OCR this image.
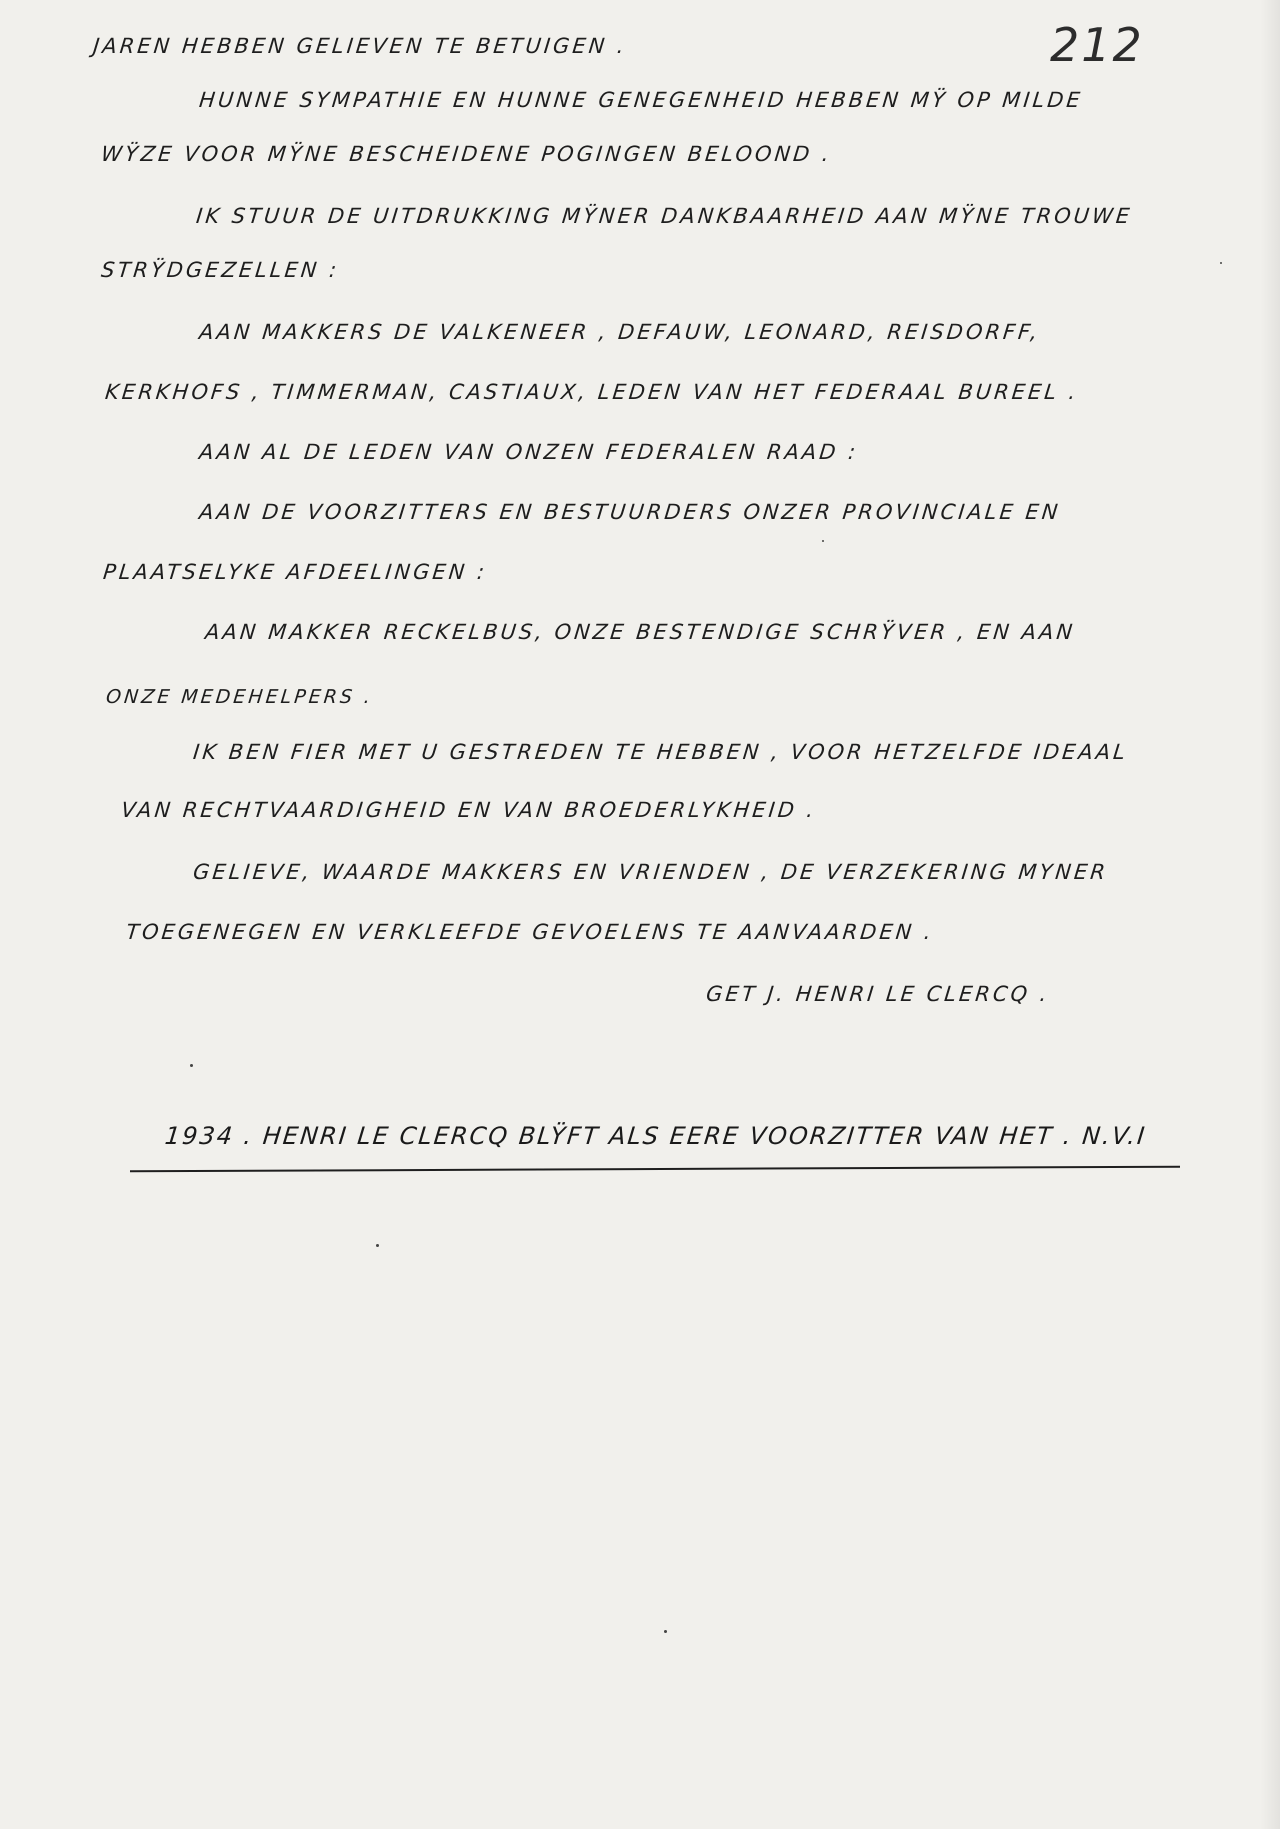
212
JAREN HEBBEN GELIEVEN TE BETUIGEN .
HUNNE SYMPATHIE EN HUNNE GENEGENHEID HEBBEN MŸ OP MILDE
WŸZE VOOR MŸNE BESCHEIDENE POGINGEN BELOOND .
IK STUUR DE UITDRUKKING MŸNER DANKBAARHEID AAN MŸNE TROUWE
STRŸDGEZELLEN :
AAN MAKKERS DE VALKENEER , DEFAUW, LEONARD, REISDORFF,
KERKHOFS , TIMMERMAN, CASTIAUX, LEDEN VAN HET FEDERAAL BUREEL .
AAN AL DE LEDEN VAN ONZEN FEDERALEN RAAD :
AAN DE VOORZITTERS EN BESTUURDERS ONZER PROVINCIALE EN
PLAATSELYKE AFDEELINGEN :
AAN MAKKER RECKELBUS, ONZE BESTENDIGE SCHRŸVER , EN AAN
ONZE MEDEHELPERS .
IK BEN FIER MET U GESTREDEN TE HEBBEN , VOOR HETZELFDE IDEAAL
VAN RECHTVAARDIGHEID EN VAN BROEDERLYKHEID .
GELIEVE, WAARDE MAKKERS EN VRIENDEN , DE VERZEKERING MYNER
TOEGENEGEN EN VERKLEEFDE GEVOELENS TE AANVAARDEN .
GET J. HENRI LE CLERCQ .
1934 . HENRI LE CLERCQ BLŸFT ALS EERE VOORZITTER VAN HET . N.V.I
